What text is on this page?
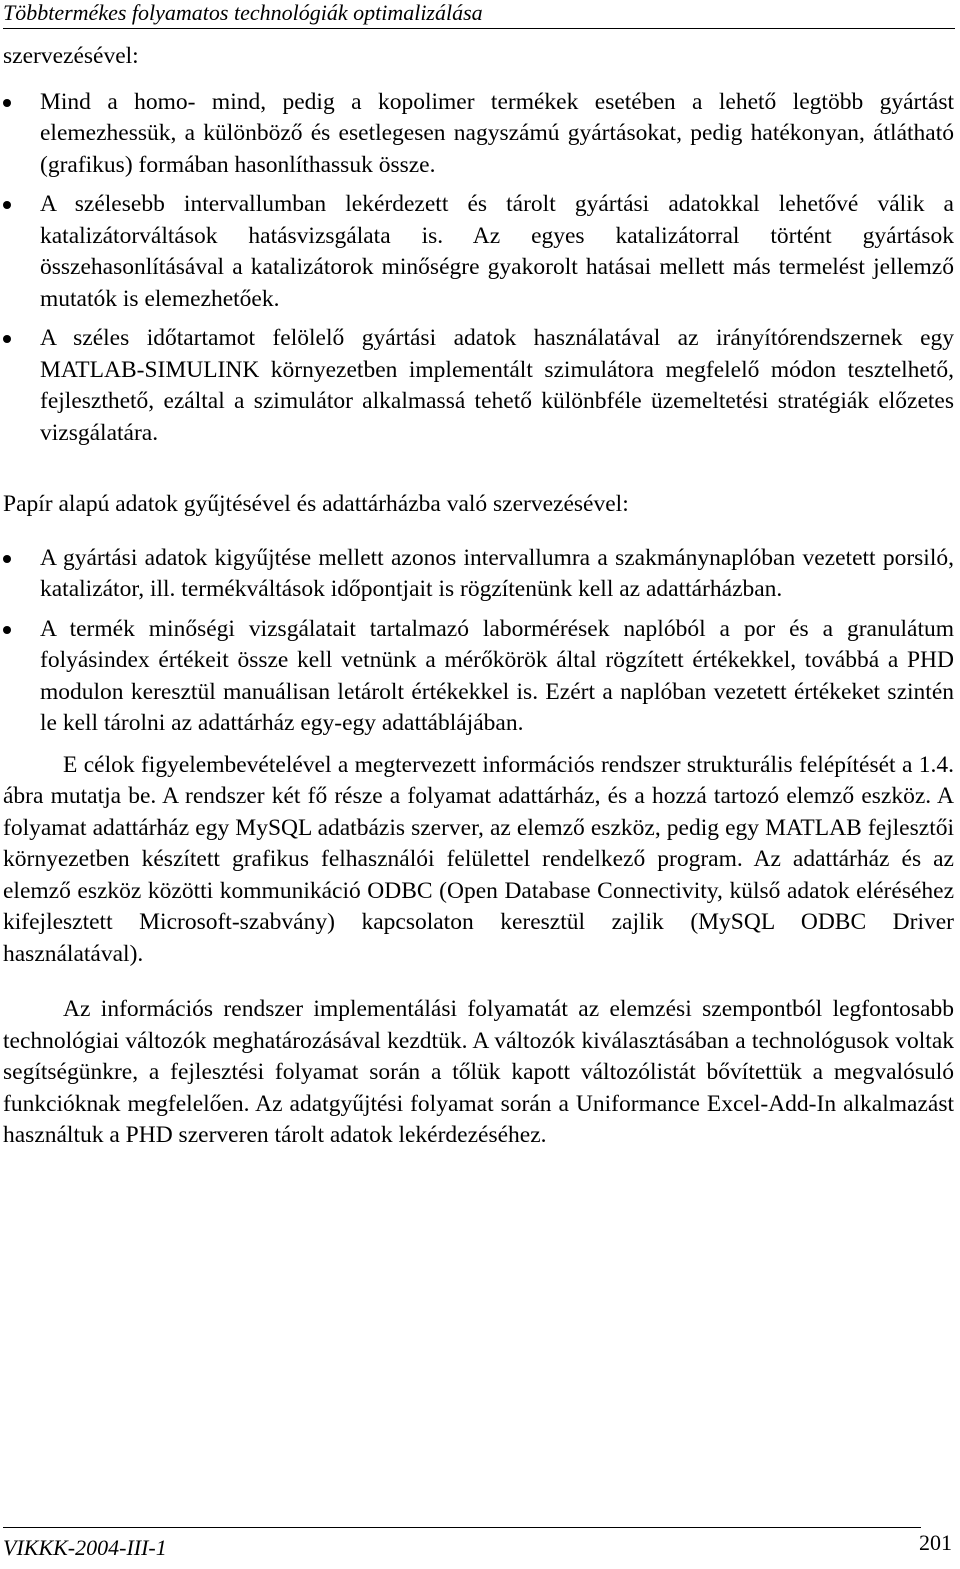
Többtermékes folyamatos technológiák optimalizálása

szervezésével:

Mind a homo- mind, pedig a kopolimer termékek esetében a lehető legtöbb gyártást elemezhessük, a különböző és esetlegesen nagyszámú gyártásokat, pedig hatékonyan, átlátható (grafikus) formában hasonlíthassuk össze.
A szélesebb intervallumban lekérdezett és tárolt gyártási adatokkal lehetővé válik a katalizátorváltások hatásvizsgálata is. Az egyes katalizátorral történt gyártások összehasonlításával a katalizátorok minőségre gyakorolt hatásai mellett más termelést jellemző mutatók is elemezhetőek.
A széles időtartamot felölelő gyártási adatok használatával az irányítórendszernek egy MATLAB-SIMULINK környezetben implementált szimulátora megfelelő módon tesztelhető, fejleszthető, ezáltal a szimulátor alkalmassá tehető különbféle üzemeltetési stratégiák előzetes vizsgálatára.

Papír alapú adatok gyűjtésével és adattárházba való szervezésével:

A gyártási adatok kigyűjtése mellett azonos intervallumra a szakmánynaplóban vezetett porsiló, katalizátor, ill. termékváltások időpontjait is rögzítenünk kell az adattárházban.
A termék minőségi vizsgálatait tartalmazó labormérések naplóból a por és a granulátum folyásindex értékeit össze kell vetnünk a mérőkörök által rögzített értékekkel, továbbá a PHD modulon keresztül manuálisan letárolt értékekkel is. Ezért a naplóban vezetett értékeket szintén le kell tárolni az adattárház egy-egy adattáblájában.

E célok figyelembevételével a megtervezett információs rendszer strukturális felépítését a 1.4. ábra mutatja be. A rendszer két fő része a folyamat adattárház, és a hozzá tartozó elemző eszköz. A folyamat adattárház egy MySQL adatbázis szerver, az elemző eszköz, pedig egy MATLAB fejlesztői környezetben készített grafikus felhasználói felülettel rendelkező program. Az adattárház és az elemző eszköz közötti kommunikáció ODBC (Open Database Connectivity, külső adatok eléréséhez kifejlesztett Microsoft-szabvány) kapcsolaton keresztül zajlik (MySQL ODBC Driver használatával).

Az információs rendszer implementálási folyamatát az elemzési szempontból legfontosabb technológiai változók meghatározásával kezdtük. A változók kiválasztásában a technológusok voltak segítségünkre, a fejlesztési folyamat során a tőlük kapott változólistát bővítettük a megvalósuló funkcióknak megfelelően. Az adatgyűjtési folyamat során a Uniformance Excel-Add-In alkalmazást használtuk a PHD szerveren tárolt adatok lekérdezéséhez.

VIKKK-2004-III-1	201
